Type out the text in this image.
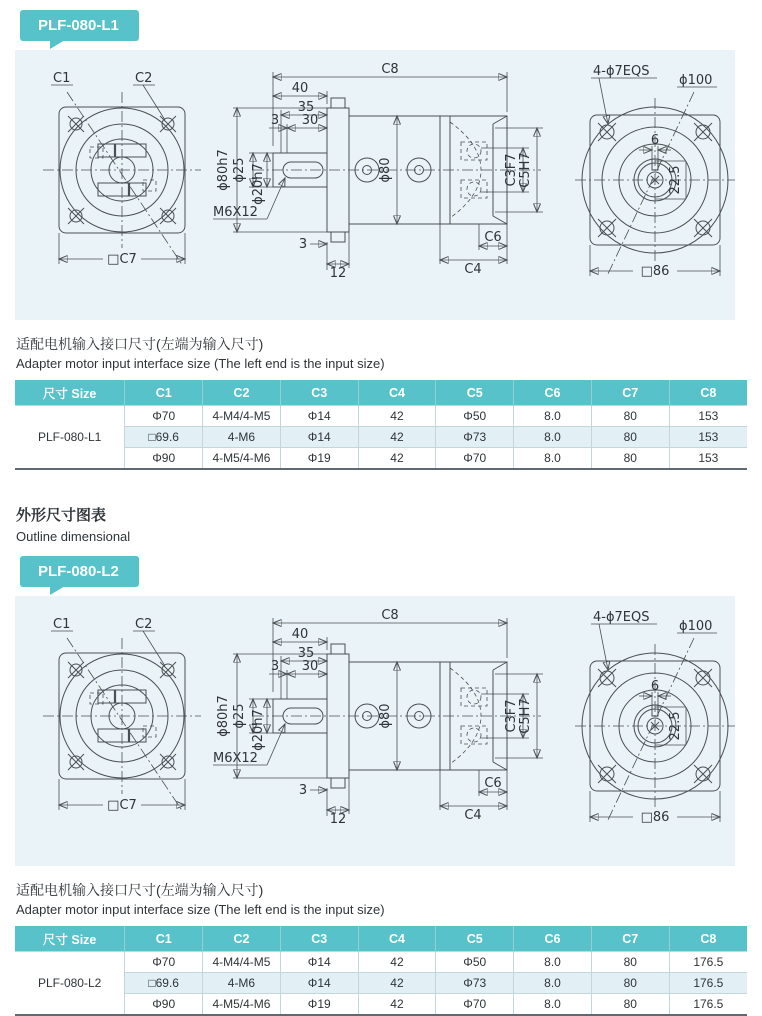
PLF-080-L1
C1	C2
□C7
C8
40
35
30
3
ϕ25 ϕ20h7
M6X12
ϕ80h7	ϕ80	C3F7 C5H7
3
12	C4
C6
6
22.5
4-ϕ7EQS
ϕ100
□86

适配电机输入接口尺寸(左端为输入尺寸)

Adapter motor input interface size (The left end is the input size)

尺寸 Size	C1	C2	C3	C4	C5	C6	C7	C8
PLF-080-L1	Φ70	4-M4/4-M5	Φ14	42	Φ50	8.0	80	153
	□69.6	4-M6	Φ14	42	Φ73	8.0	80	153
	Φ90	4-M5/4-M6	Φ19	42	Φ70	8.0	80	153

外形尺寸图表

Outline dimensional

PLF-080-L2
C1	C2
□C7
C8
40
35
30
3
ϕ25 ϕ20h7
M6X12
ϕ80h7	ϕ80	C3F7 C5H7
3
12	C4
C6
6
22.5
4-ϕ7EQS
ϕ100
□86

适配电机输入接口尺寸(左端为输入尺寸)

Adapter motor input interface size (The left end is the input size)

尺寸 Size	C1	C2	C3	C4	C5	C6	C7	C8
PLF-080-L2	Φ70	4-M4/4-M5	Φ14	42	Φ50	8.0	80	176.5
	□69.6	4-M6	Φ14	42	Φ73	8.0	80	176.5
	Φ90	4-M5/4-M6	Φ19	42	Φ70	8.0	80	176.5
